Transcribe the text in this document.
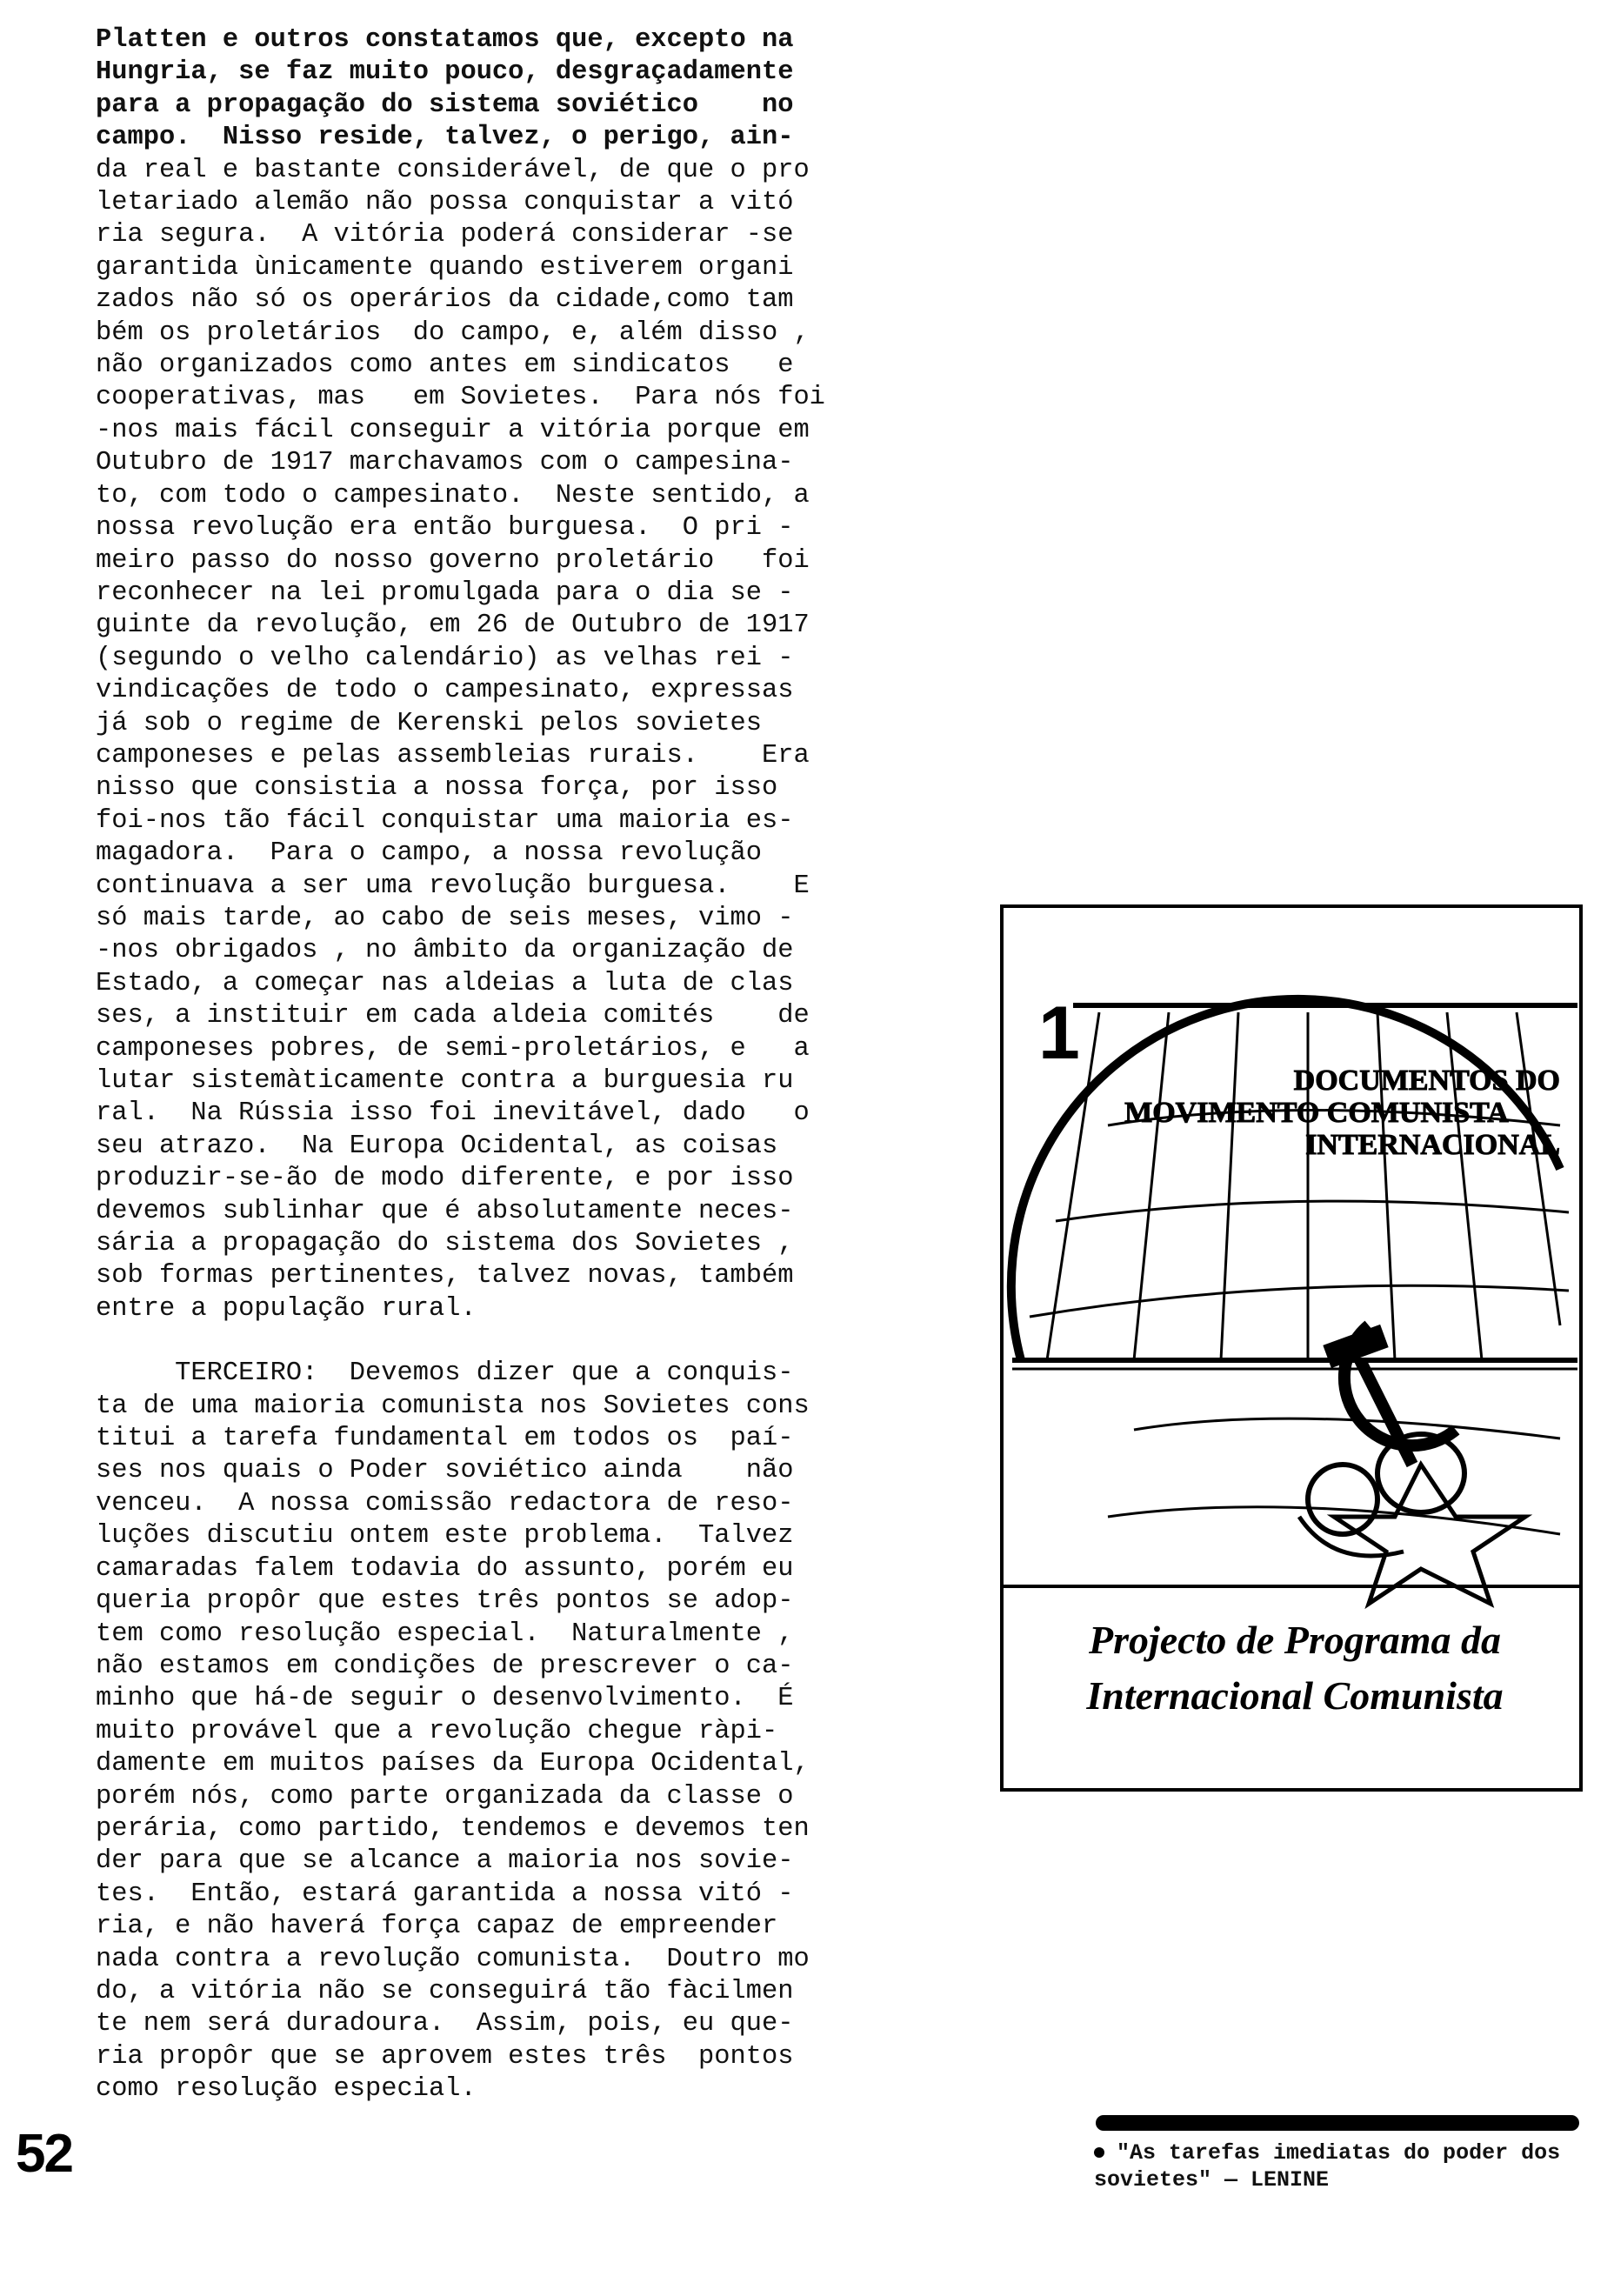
Platten e outros constatamos que, excepto na
Hungria, se faz muito pouco, desgraçadamente
para a propagação do sistema soviético    no
campo.  Nisso reside, talvez, o perigo, ain-
da real e bastante considerável, de que o pro
letariado alemão não possa conquistar a vitó
ria segura.  A vitória poderá considerar -se
garantida ùnicamente quando estiverem organi
zados não só os operários da cidade,como tam
bém os proletários  do campo, e, além disso ,
não organizados como antes em sindicatos   e
cooperativas, mas   em Sovietes.  Para nós foi
-nos mais fácil conseguir a vitória porque em
Outubro de 1917 marchavamos com o campesina-
to, com todo o campesinato.  Neste sentido, a
nossa revolução era então burguesa.  O pri -
meiro passo do nosso governo proletário   foi
reconhecer na lei promulgada para o dia se -
guinte da revolução, em 26 de Outubro de 1917
(segundo o velho calendário) as velhas rei -
vindicações de todo o campesinato, expressas
já sob o regime de Kerenski pelos sovietes
camponeses e pelas assembleias rurais.    Era
nisso que consistia a nossa força, por isso
foi-nos tão fácil conquistar uma maioria es-
magadora.  Para o campo, a nossa revolução
continuava a ser uma revolução burguesa.    E
só mais tarde, ao cabo de seis meses, vimo -
-nos obrigados , no âmbito da organização de
Estado, a começar nas aldeias a luta de clas
ses, a instituir em cada aldeia comités    de
camponeses pobres, de semi-proletários, e   a
lutar sistemàticamente contra a burguesia ru
ral.  Na Rússia isso foi inevitável, dado   o
seu atrazo.  Na Europa Ocidental, as coisas
produzir-se-ão de modo diferente, e por isso
devemos sublinhar que é absolutamente neces-
sária a propagação do sistema dos Sovietes ,
sob formas pertinentes, talvez novas, também
entre a população rural.

TERCEIRO:  Devemos dizer que a conquis-
ta de uma maioria comunista nos Sovietes cons
titui a tarefa fundamental em todos os  paí-
ses nos quais o Poder soviético ainda    não
venceu.  A nossa comissão redactora de reso-
luções discutiu ontem este problema.  Talvez
camaradas falem todavia do assunto, porém eu
queria propôr que estes três pontos se adop-
tem como resolução especial.  Naturalmente ,
não estamos em condições de prescrever o ca-
minho que há-de seguir o desenvolvimento.  É
muito provável que a revolução chegue ràpi-
damente em muitos países da Europa Ocidental,
porém nós, como parte organizada da classe o
perária, como partido, tendemos e devemos ten
der para que se alcance a maioria nos sovie-
tes.  Então, estará garantida a nossa vitó -
ria, e não haverá força capaz de empreender
nada contra a revolução comunista.  Doutro mo
do, a vitória não se conseguirá tão fàcilmen
te nem será duradoura.  Assim, pois, eu que-
ria propôr que se aprovem estes três  pontos
como resolução especial.

52
1
DOCUMENTOS DO
MOVIMENTO COMUNISTA
INTERNACIONAL
Projecto de Programa da
Internacional Comunista
"As tarefas imediatas do poder dos sovietes" — LENINE
